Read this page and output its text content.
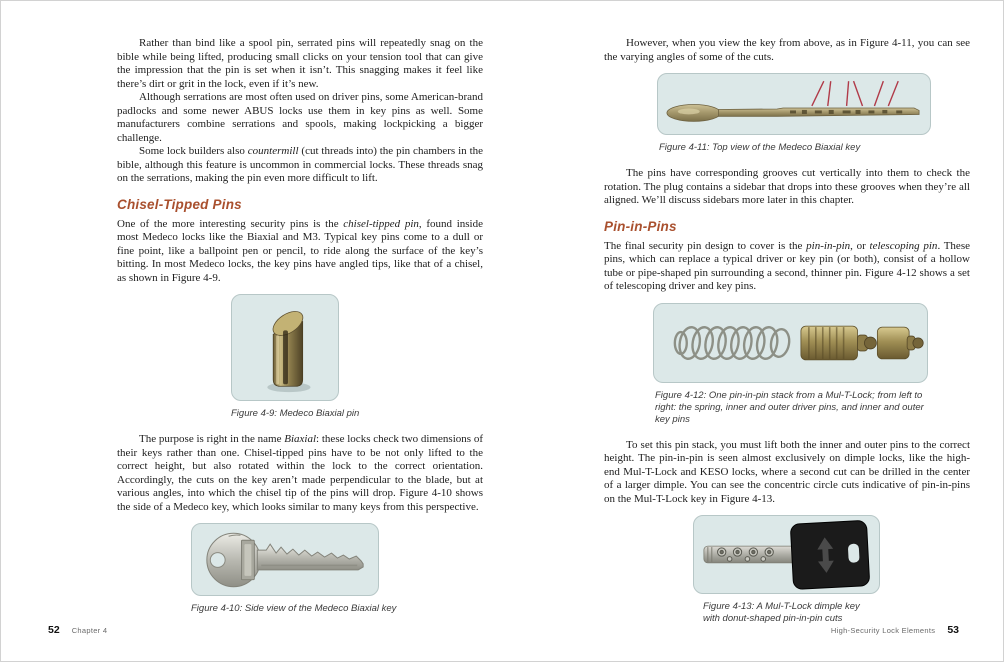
Rather than bind like a spool pin, serrated pins will repeatedly snag on the bible while being lifted, producing small clicks on your tension tool that can give the impression that the pin is set when it isn’t. This snagging makes it feel like there’s dirt or grit in the lock, even if it’s new.

Although serrations are most often used on driver pins, some American-brand padlocks and some newer ABUS locks use them in key pins as well. Some manufacturers combine serrations and spools, making lockpicking a bigger challenge.

Some lock builders also countermill (cut threads into) the pin chambers in the bible, although this feature is uncommon in commercial locks. These threads snag on the serrations, making the pin even more difficult to lift.

Chisel-Tipped Pins

One of the more interesting security pins is the chisel-tipped pin, found inside most Medeco locks like the Biaxial and M3. Typical key pins come to a dull or fine point, like a ballpoint pen or pencil, to ride along the surface of the key’s bitting. In most Medeco locks, the key pins have angled tips, like that of a chisel, as shown in Figure 4-9.

Figure 4-9: Medeco Biaxial pin

The purpose is right in the name Biaxial: these locks check two dimensions of their keys rather than one. Chisel-tipped pins have to be not only lifted to the correct height, but also rotated within the lock to the correct orientation. Accordingly, the cuts on the key aren’t made perpendicular to the blade, but at various angles, into which the chisel tip of the pins will drop. Figure 4-10 shows the side of a Medeco key, which looks similar to many keys from this perspective.

Figure 4-10: Side view of the Medeco Biaxial key

However, when you view the key from above, as in Figure 4-11, you can see the varying angles of some of the cuts.

Figure 4-11: Top view of the Medeco Biaxial key

The pins have corresponding grooves cut vertically into them to check the rotation. The plug contains a sidebar that drops into these grooves when they’re all aligned. We’ll discuss sidebars more later in this chapter.

Pin-in-Pins

The final security pin design to cover is the pin-in-pin, or telescoping pin. These pins, which can replace a typical driver or key pin (or both), consist of a hollow tube or pipe-shaped pin surrounding a second, thinner pin. Figure 4-12 shows a set of telescoping driver and key pins.

Figure 4-12: One pin-in-pin stack from a Mul-T-Lock; from left to right: the spring, inner and outer driver pins, and inner and outer key pins

To set this pin stack, you must lift both the inner and outer pins to the correct height. The pin-in-pin is seen almost exclusively on dimple locks, like the high-end Mul-T-Lock and KESO locks, where a second cut can be drilled in the center of a larger dimple. You can see the concentric circle cuts indicative of pin-in-pins on the Mul-T-Lock key in Figure 4-13.

Figure 4-13: A Mul-T-Lock dimple key with donut-shaped pin-in-pin cuts
52 Chapter 4	High-Security Lock Elements 53
